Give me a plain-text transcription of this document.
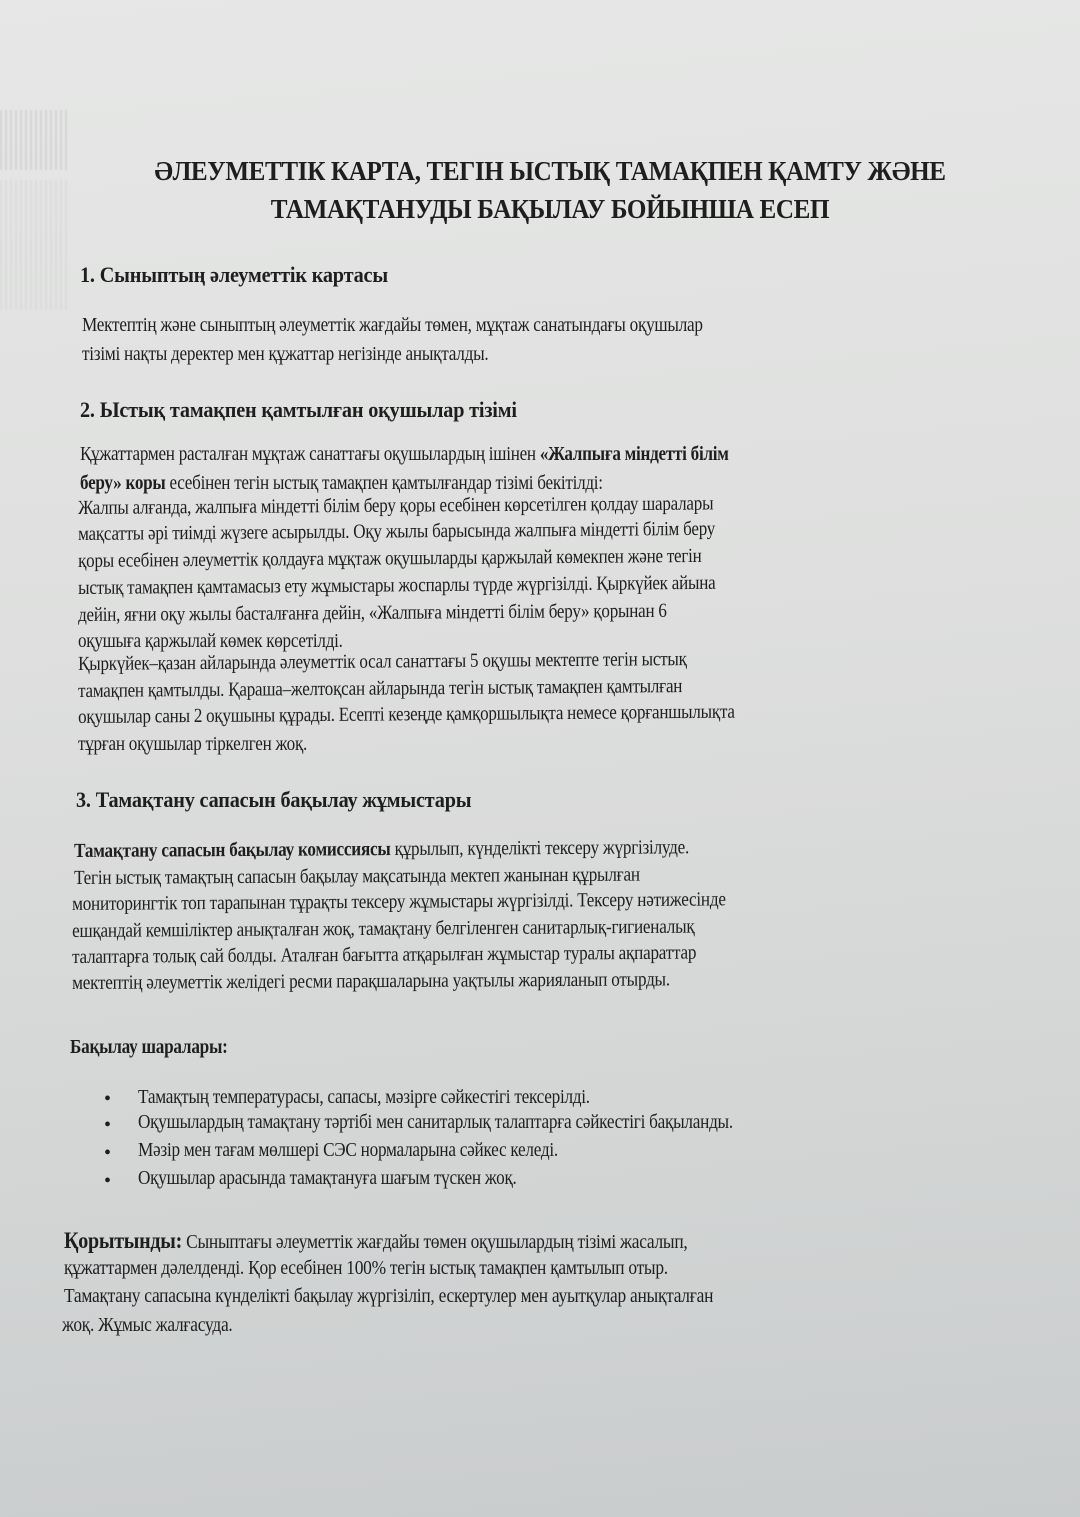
ӘЛЕУМЕТТІК КАРТА, ТЕГІН ЫСТЫҚ ТАМАҚПЕН ҚАМТУ ЖӘНЕ
ТАМАҚТАНУДЫ БАҚЫЛАУ БОЙЫНША ЕСЕП
1. Сыныптың әлеуметтік картасы
Мектептің және сыныптың әлеуметтік жағдайы төмен, мұқтаж санатындағы оқушылар
тізімі нақты деректер мен құжаттар негізінде анықталды.
2. Ыстық тамақпен қамтылған оқушылар тізімі
Құжаттармен расталған мұқтаж санаттағы оқушылардың ішінен «Жалпыға міндетті білім
беру» коры есебінен тегін ыстық тамақпен қамтылғандар тізімі бекітілді:
Жалпы алғанда, жалпыға міндетті білім беру қоры есебінен көрсетілген қолдау шаралары
мақсатты әрі тиімді жүзеге асырылды. Оқу жылы барысында жалпыға міндетті білім беру
қоры есебінен әлеуметтік қолдауға мұқтаж оқушыларды қаржылай көмекпен және тегін
ыстық тамақпен қамтамасыз ету жұмыстары жоспарлы түрде жүргізілді. Қыркүйек айына
дейін, яғни оқу жылы басталғанға дейін, «Жалпыға міндетті білім беру» қорынан 6
оқушыға қаржылай көмек көрсетілді.
Қыркүйек–қазан айларында әлеуметтік осал санаттағы 5 оқушы мектепте тегін ыстық
тамақпен қамтылды. Қараша–желтоқсан айларында тегін ыстық тамақпен қамтылған
оқушылар саны 2 оқушыны құрады. Есепті кезеңде қамқоршылықта немесе қорғаншылықта
тұрған оқушылар тіркелген жоқ.
3. Тамақтану сапасын бақылау жұмыстары
Тамақтану сапасын бақылау комиссиясы құрылып, күнделікті тексеру жүргізілуде.
Тегін ыстық тамақтың сапасын бақылау мақсатында мектеп жанынан құрылған
мониторингтік топ тарапынан тұрақты тексеру жұмыстары жүргізілді. Тексеру нәтижесінде
ешқандай кемшіліктер анықталған жоқ, тамақтану белгіленген санитарлық-гигиеналық
талаптарға толық сай болды. Аталған бағытта атқарылған жұмыстар туралы ақпараттар
мектептің әлеуметтік желідегі ресми парақшаларына уақтылы жарияланып отырды.
Бақылау шаралары:
• Тамақтың температурасы, сапасы, мәзірге сәйкестігі тексерілді.
• Оқушылардың тамақтану тәртібі мен санитарлық талаптарға сәйкестігі бақыланды.
• Мәзір мен тағам мөлшері СЭС нормаларына сәйкес келеді.
• Оқушылар арасында тамақтануға шағым түскен жоқ.
Қорытынды: Сыныптағы әлеуметтік жағдайы төмен оқушылардың тізімі жасалып,
құжаттармен дәлелденді. Қор есебінен 100% тегін ыстық тамақпен қамтылып отыр.
Тамақтану сапасына күнделікті бақылау жүргізіліп, ескертулер мен ауытқулар анықталған
жоқ. Жұмыс жалғасуда.
